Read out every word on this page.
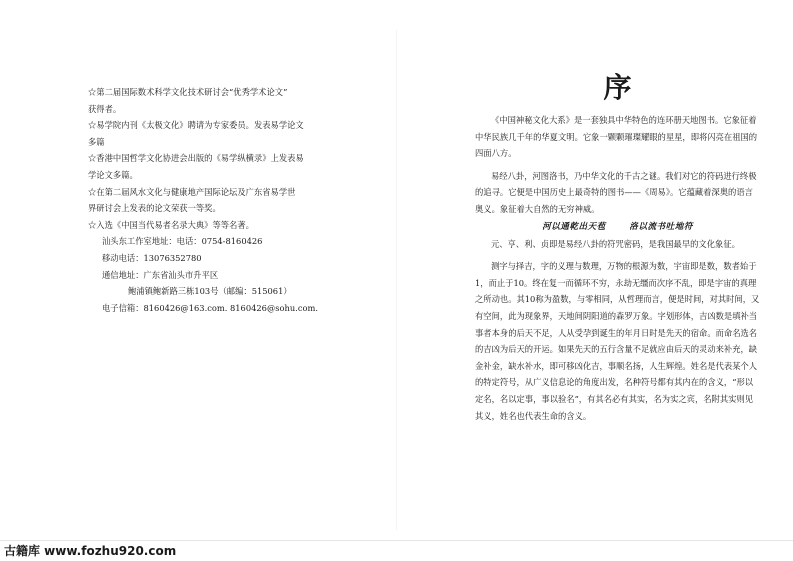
☆第二届国际数术科学文化技术研讨会“优秀学术论文”

获得者。

☆易学院内刊《太极文化》聘请为专家委员。发表易学论文

多篇

☆香港中国哲学文化协进会出版的《易学纵横录》上发表易

学论文多篇。

☆在第二届风水文化与健康地产国际论坛及广东省易学世

界研讨会上发表的论文荣获一等奖。

☆入选《中国当代易者名录大典》等等名著。

汕头东工作室地址：电话：0754-8160426

移动电话：13076352780

通信地址：广东省汕头市升平区

鲍浦镇鲍新路三栋103号（邮编：515061）

电子信箱：8160426@163.com. 8160426@sohu.com.

序

《中国神秘文化大系》是一套独具中华特色的连环册天地图书。它象征着中华民族几千年的华夏文明。它象一颗颗璀璨耀眼的星星，即将闪亮在祖国的四面八方。

易经八卦，河图洛书，乃中华文化的千古之谜。我们对它的符码进行终极的追寻。它便是中国历史上最奇特的图书——《周易》。它蕴藏着深奥的语言奥义。象征着大自然的无穷神威。

河以通乾出天苞	洛以流书吐地符

元、亨、利、贞即是易经八卦的符咒密码，是我国最早的文化象征。

测字与择吉，字的义理与数理，万物的根源为数，宇宙即是数，数者始于1，而止于10。终在复一而循环不穷，永劫无缰而次序不乱，即是宇宙的真理之所动也。其10称为盈数，与零相同，从哲理而言，便是时间，对其时间，又有空间，此为现象界，天地间阴阳道的森罗万象。字划形体，吉凶数是填补当事者本身的后天不足，人从受孕到诞生的年月日时是先天的宿命。而命名选名的吉凶为后天的开运。如果先天的五行含量不足就应由后天的灵动来补充，缺金补金，缺水补水，即可移凶化吉，事顺名扬，人生辉煌。姓名是代表某个人的特定符号，从广义信息论的角度出发，名种符号都有其内在的含义，“形以定名，名以定事，事以验名”，有其名必有其实，名为实之宾，名附其实则见其义，姓名也代表生命的含义。

古籍库 www.fozhu920.com
